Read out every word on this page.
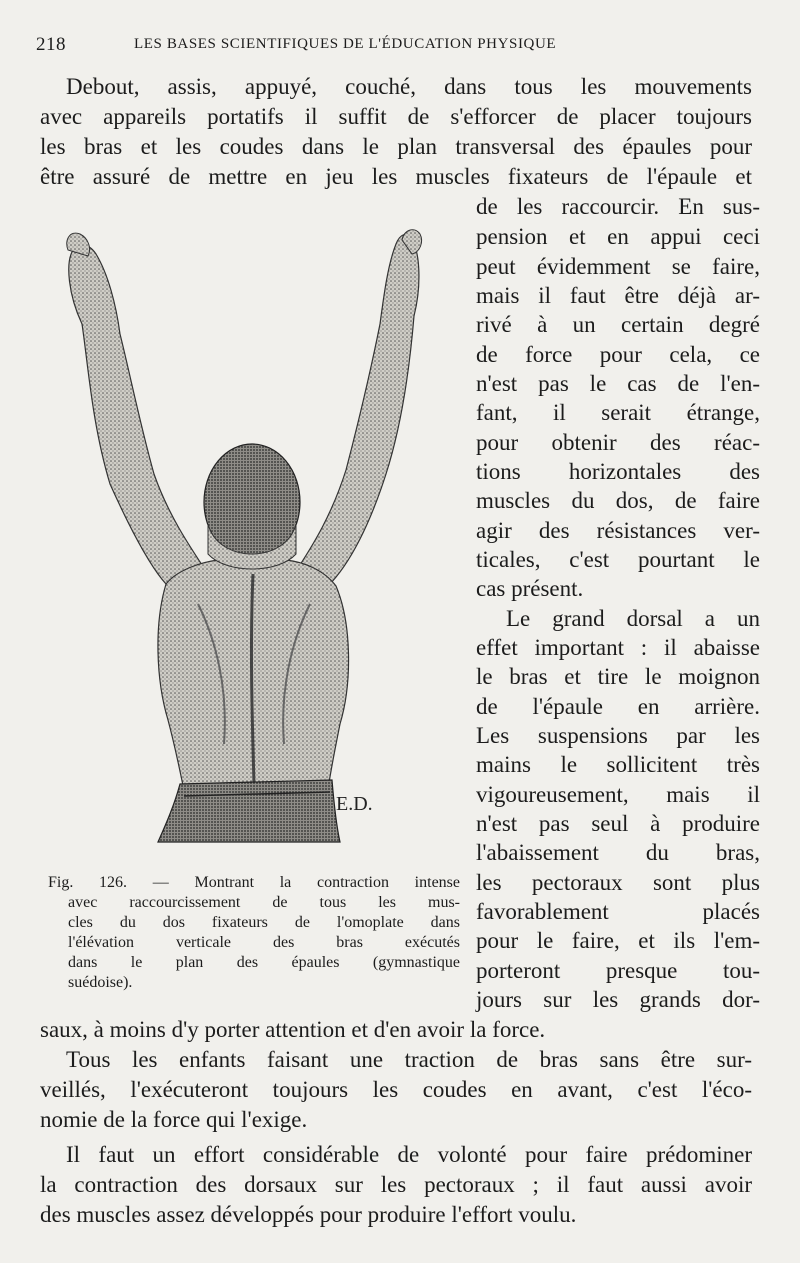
218	LES BASES SCIENTIFIQUES DE L'ÉDUCATION PHYSIQUE
Debout, assis, appuyé, couché, dans tous les mouvements
avec appareils portatifs il suffit de s'efforcer de placer toujours
les bras et les coudes dans le plan transversal des épaules pour
être assuré de mettre en jeu les muscles fixateurs de l'épaule et
de les raccourcir. En sus-
pension et en appui ceci
peut évidemment se faire,
mais il faut être déjà ar-
rivé à un certain degré
de force pour cela, ce
n'est pas le cas de l'en-
fant, il serait étrange,
pour obtenir des réac-
tions horizontales des
muscles du dos, de faire
agir des résistances ver-
ticales, c'est pourtant le
cas présent.
Le grand dorsal a un
effet important : il abaisse
le bras et tire le moignon
de l'épaule en arrière.
Les suspensions par les
mains le sollicitent très
vigoureusement, mais il
n'est pas seul à produire
l'abaissement du bras,
les pectoraux sont plus
favorablement placés
pour le faire, et ils l'em-
porteront presque tou-
jours sur les grands dor-
saux, à moins d'y porter attention et d'en avoir la force.
Tous les enfants faisant une traction de bras sans être sur-
veillés, l'exécuteront toujours les coudes en avant, c'est l'éco-
nomie de la force qui l'exige.
Il faut un effort considérable de volonté pour faire prédominer
la contraction des dorsaux sur les pectoraux ; il faut aussi avoir
des muscles assez développés pour produire l'effort voulu.
E.D.
Fig. 126. — Montrant la contraction intense
avec raccourcissement de tous les mus-
cles du dos fixateurs de l'omoplate dans
l'élévation verticale des bras exécutés
dans le plan des épaules (gymnastique
suédoise).
